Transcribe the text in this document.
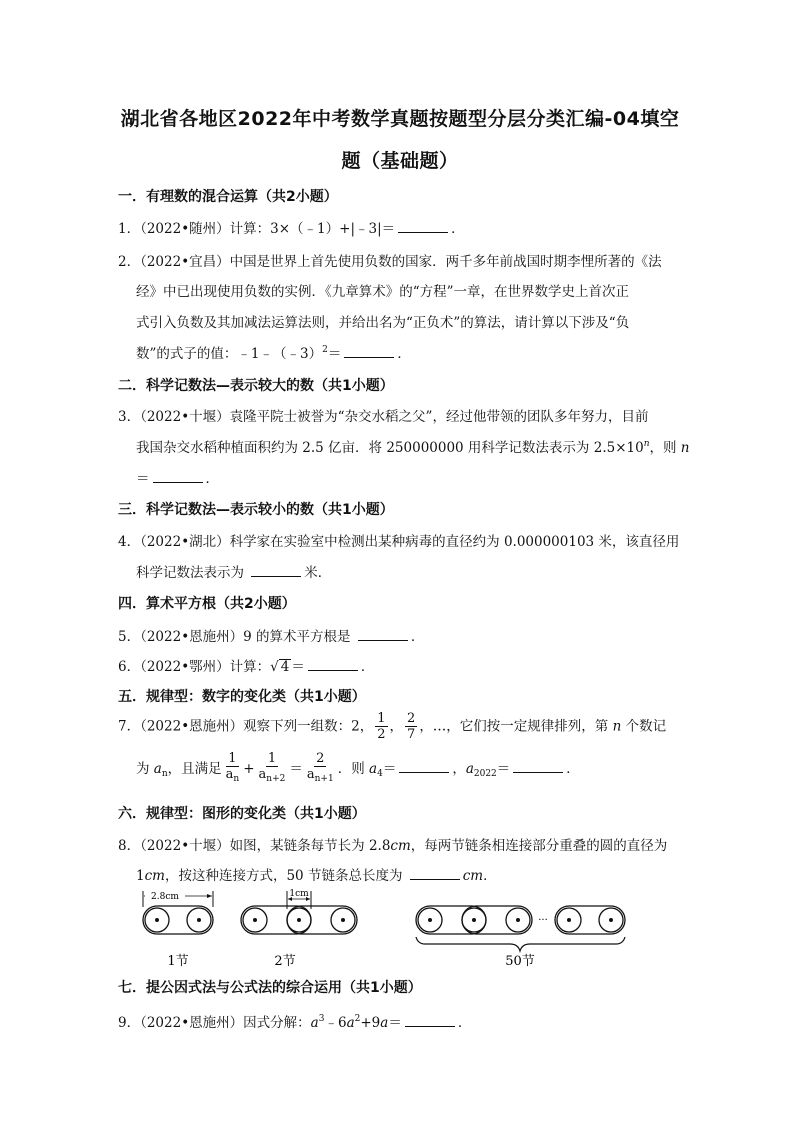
湖北省各地区2022年中考数学真题按题型分层分类汇编-04填空
题（基础题）
一．有理数的混合运算（共2小题）
1．（2022•随州）计算：3×（﹣1）+|﹣3|＝	．
2．（2022•宜昌）中国是世界上首先使用负数的国家．两千多年前战国时期李悝所著的《法
经》中已出现使用负数的实例．《九章算术》的“方程”一章，在世界数学史上首次正
式引入负数及其加减法运算法则，并给出名为“正负术”的算法，请计算以下涉及“负
数”的式子的值：﹣1﹣（﹣3）$^2$＝	．
二．科学记数法—表示较大的数（共1小题）
3．（2022•十堰）袁隆平院士被誉为“杂交水稻之父”，经过他带领的团队多年努力，目前
我国杂交水稻种植面积约为 2.5 亿亩．将 250000000 用科学记数法表示为 $2.5\times 10^n$，则 n
＝	．
三．科学记数法—表示较小的数（共1小题）
4．（2022•湖北）科学家在实验室中检测出某种病毒的直径约为 0.000000103 米，该直径用
科学记数法表示为	米．
四．算术平方根（共2小题）
5．（2022•恩施州）9 的算术平方根是	．
6．（2022•鄂州）计算：√ 4 ＝	．
五．规律型：数字的变化类（共1小题）
7．（2022•恩施州）观察下列一组数：2， $\frac{1}{2}$ ， $\frac{2}{7}$ ，…，它们按一定规律排列，第 n 个数记
为 $a_n$，且满足 $\frac{1}{a_n} + \frac{1}{a_{n+2}} = \frac{2}{a_{n+1}}$ ．则 $a_4=$	，$a_{2022}=$	．
六．规律型：图形的变化类（共1小题）
8．（2022•十堰）如图，某链条每节长为 2.8cm，每两节链条相连接部分重叠的圆的直径为
1cm，按这种连接方式，50 节链条总长度为	cm．
2.8cm	1cm
···
1节	2节	50节
七．提公因式法与公式法的综合运用（共1小题）
9．（2022•恩施州）因式分解：$a^3﹣6a^2+9a=$	．
